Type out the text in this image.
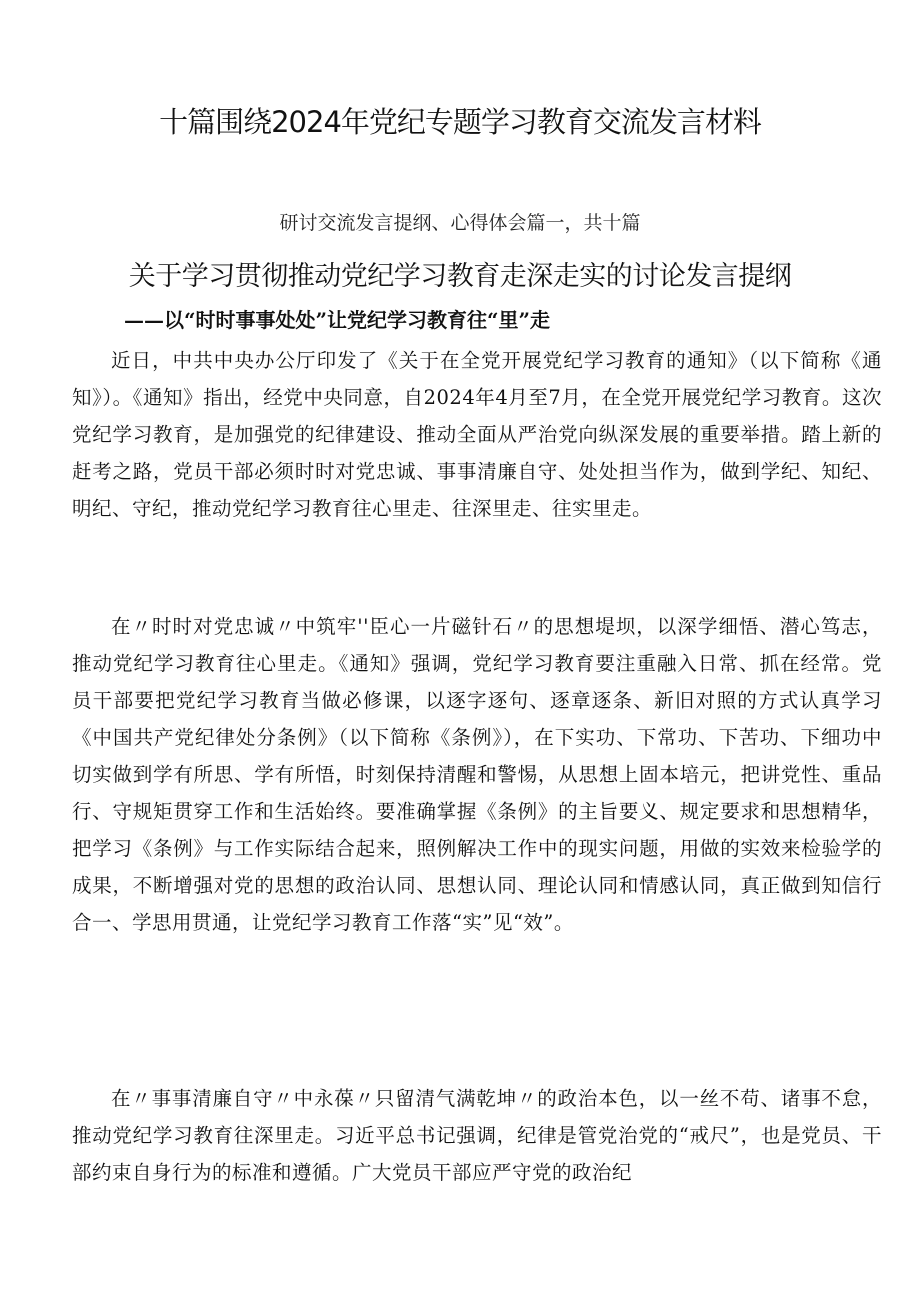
十篇围绕2024年党纪专题学习教育交流发言材料
研讨交流发言提纲、心得体会篇一，共十篇
关于学习贯彻推动党纪学习教育走深走实的讨论发言提纲
——以“时时事事处处”让党纪学习教育往“里”走

近日，中共中央办公厅印发了《关于在全党开展党纪学习教育的通知》（以下简称《通知》）。《通知》指出，经党中央同意，自2024年4月至7月，在全党开展党纪学习教育。这次党纪学习教育，是加强党的纪律建设、推动全面从严治党向纵深发展的重要举措。踏上新的赶考之路，党员干部必须时时对党忠诚、事事清廉自守、处处担当作为，做到学纪、知纪、明纪、守纪，推动党纪学习教育往心里走、往深里走、往实里走。

在〃时时对党忠诚〃中筑牢''臣心一片磁针石〃的思想堤坝，以深学细悟、潜心笃志，推动党纪学习教育往心里走。《通知》强调，党纪学习教育要注重融入日常、抓在经常。党员干部要把党纪学习教育当做必修课，以逐字逐句、逐章逐条、新旧对照的方式认真学习《中国共产党纪律处分条例》（以下简称《条例》），在下实功、下常功、下苦功、下细功中切实做到学有所思、学有所悟，时刻保持清醒和警惕，从思想上固本培元，把讲党性、重品行、守规矩贯穿工作和生活始终。要准确掌握《条例》的主旨要义、规定要求和思想精华，把学习《条例》与工作实际结合起来，照例解决工作中的现实问题，用做的实效来检验学的成果，不断增强对党的思想的政治认同、思想认同、理论认同和情感认同，真正做到知信行合一、学思用贯通，让党纪学习教育工作落“实”见“效”。

在〃事事清廉自守〃中永葆〃只留清气满乾坤〃的政治本色，以一丝不苟、诸事不怠，推动党纪学习教育往深里走。习近平总书记强调，纪律是管党治党的“戒尺”，也是党员、干部约束自身行为的标准和遵循。广大党员干部应严守党的政治纪
